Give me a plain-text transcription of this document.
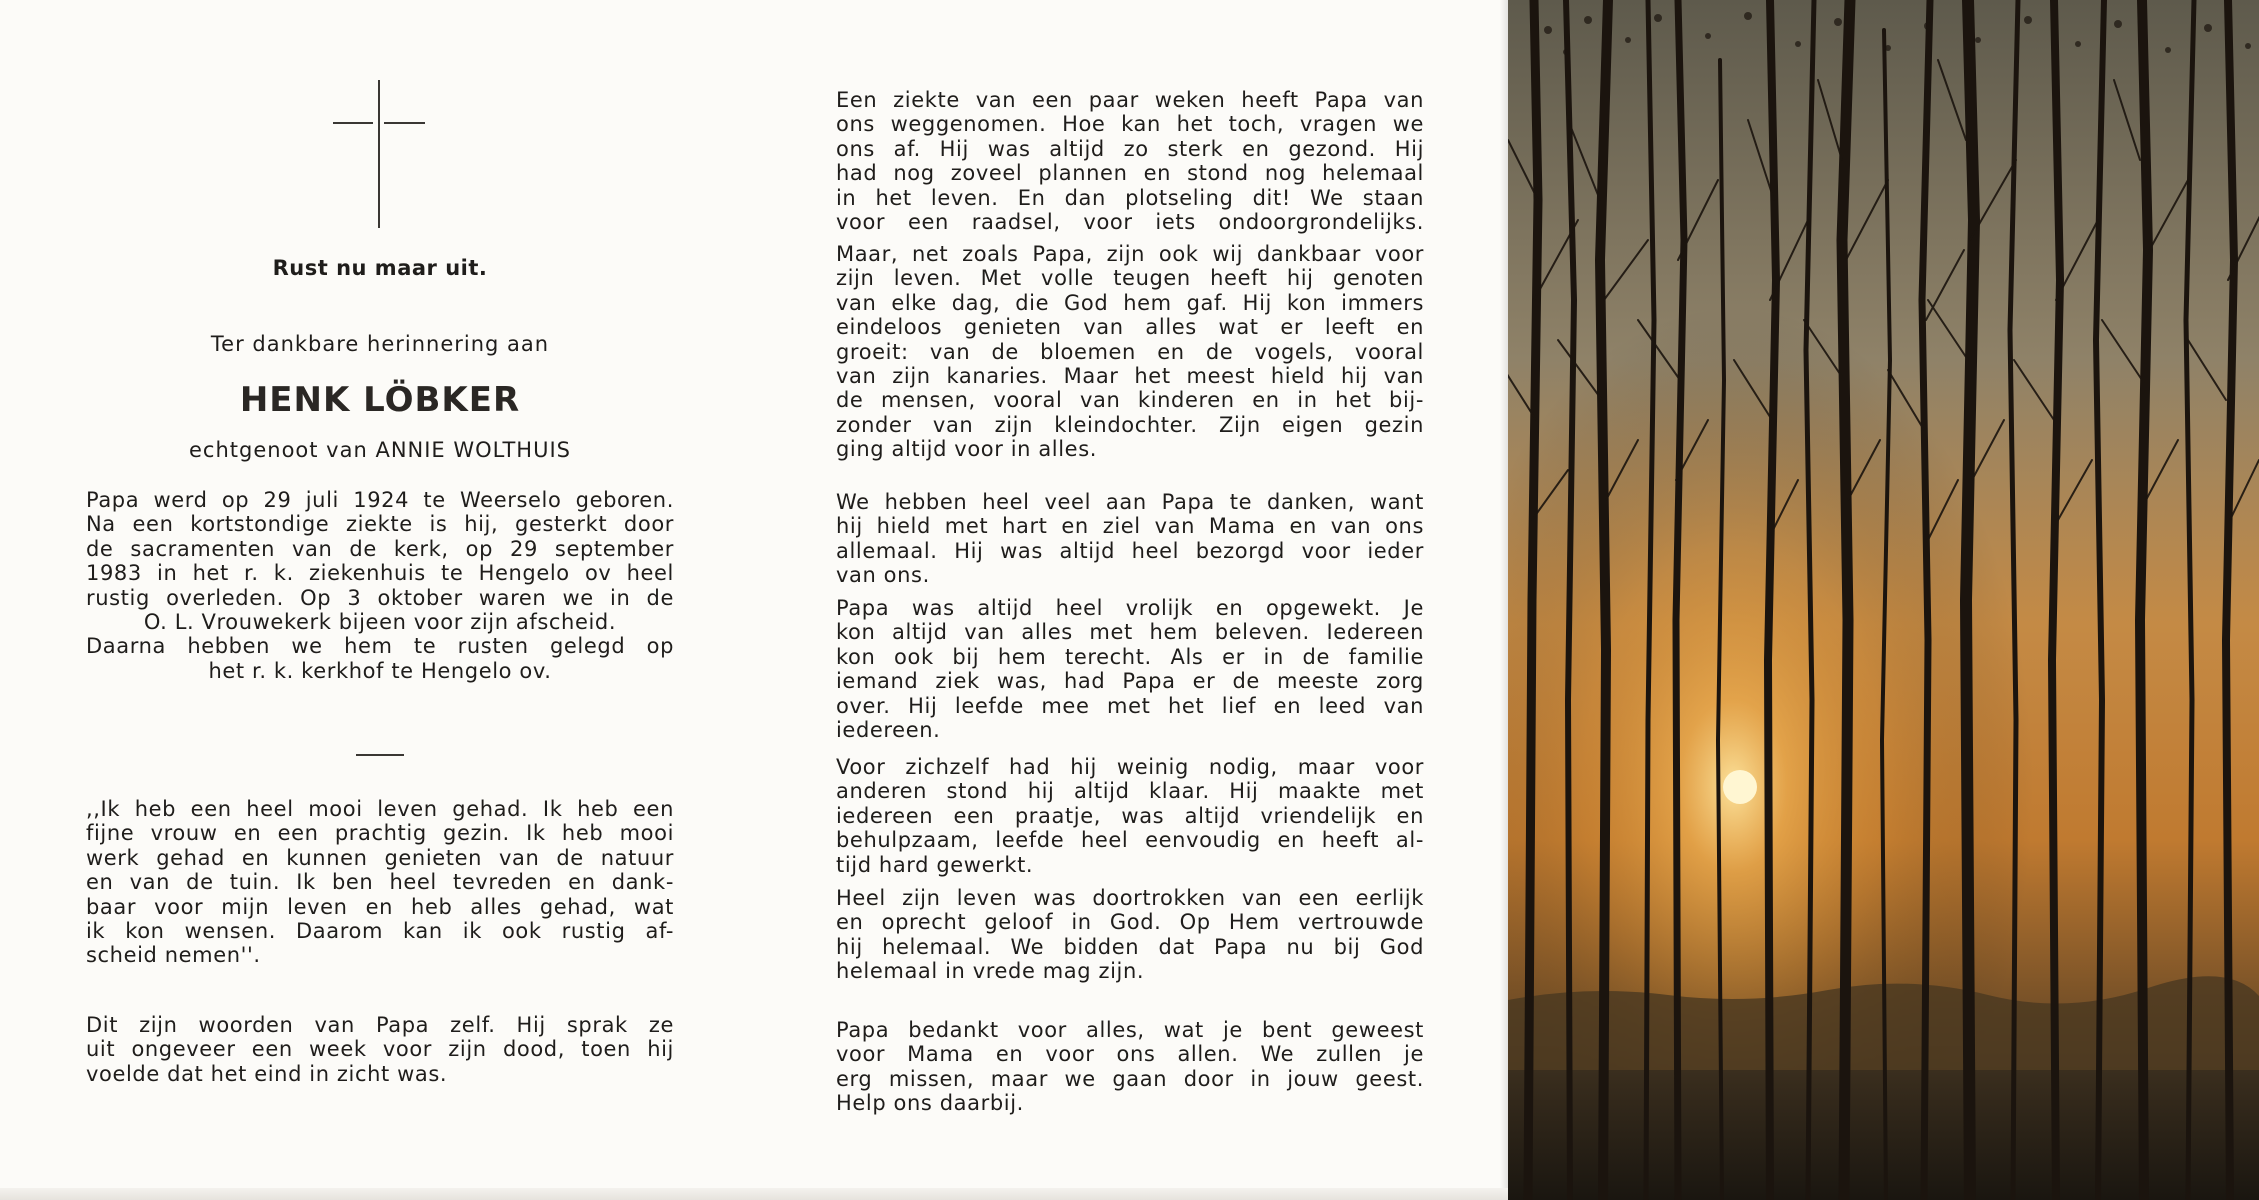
Rust nu maar uit.
Ter dankbare herinnering aan
HENK LÖBKER
echtgenoot van ANNIE WOLTHUIS
Papa werd op 29 juli 1924 te Weerselo geboren.
Na een kortstondige ziekte is hij, gesterkt door
de sacramenten van de kerk, op 29 september
1983 in het r. k. ziekenhuis te Hengelo ov heel
rustig overleden. Op 3 oktober waren we in de
O. L. Vrouwekerk bijeen voor zijn afscheid.
Daarna hebben we hem te rusten gelegd op
het r. k. kerkhof te Hengelo ov.
,,Ik heb een heel mooi leven gehad. Ik heb een
fijne vrouw en een prachtig gezin. Ik heb mooi
werk gehad en kunnen genieten van de natuur
en van de tuin. Ik ben heel tevreden en dank-
baar voor mijn leven en heb alles gehad, wat
ik kon wensen. Daarom kan ik ook rustig af-
scheid nemen''.
Dit zijn woorden van Papa zelf. Hij sprak ze
uit ongeveer een week voor zijn dood, toen hij
voelde dat het eind in zicht was.
Een ziekte van een paar weken heeft Papa van
ons weggenomen. Hoe kan het toch, vragen we
ons af. Hij was altijd zo sterk en gezond. Hij
had nog zoveel plannen en stond nog helemaal
in het leven. En dan plotseling dit! We staan
voor een raadsel, voor iets ondoorgrondelijks.
Maar, net zoals Papa, zijn ook wij dankbaar voor
zijn leven. Met volle teugen heeft hij genoten
van elke dag, die God hem gaf. Hij kon immers
eindeloos genieten van alles wat er leeft en
groeit: van de bloemen en de vogels, vooral
van zijn kanaries. Maar het meest hield hij van
de mensen, vooral van kinderen en in het bij-
zonder van zijn kleindochter. Zijn eigen gezin
ging altijd voor in alles.
We hebben heel veel aan Papa te danken, want
hij hield met hart en ziel van Mama en van ons
allemaal. Hij was altijd heel bezorgd voor ieder
van ons.
Papa was altijd heel vrolijk en opgewekt. Je
kon altijd van alles met hem beleven. Iedereen
kon ook bij hem terecht. Als er in de familie
iemand ziek was, had Papa er de meeste zorg
over. Hij leefde mee met het lief en leed van
iedereen.
Voor zichzelf had hij weinig nodig, maar voor
anderen stond hij altijd klaar. Hij maakte met
iedereen een praatje, was altijd vriendelijk en
behulpzaam, leefde heel eenvoudig en heeft al-
tijd hard gewerkt.
Heel zijn leven was doortrokken van een eerlijk
en oprecht geloof in God. Op Hem vertrouwde
hij helemaal. We bidden dat Papa nu bij God
helemaal in vrede mag zijn.
Papa bedankt voor alles, wat je bent geweest
voor Mama en voor ons allen. We zullen je
erg missen, maar we gaan door in jouw geest.
Help ons daarbij.
